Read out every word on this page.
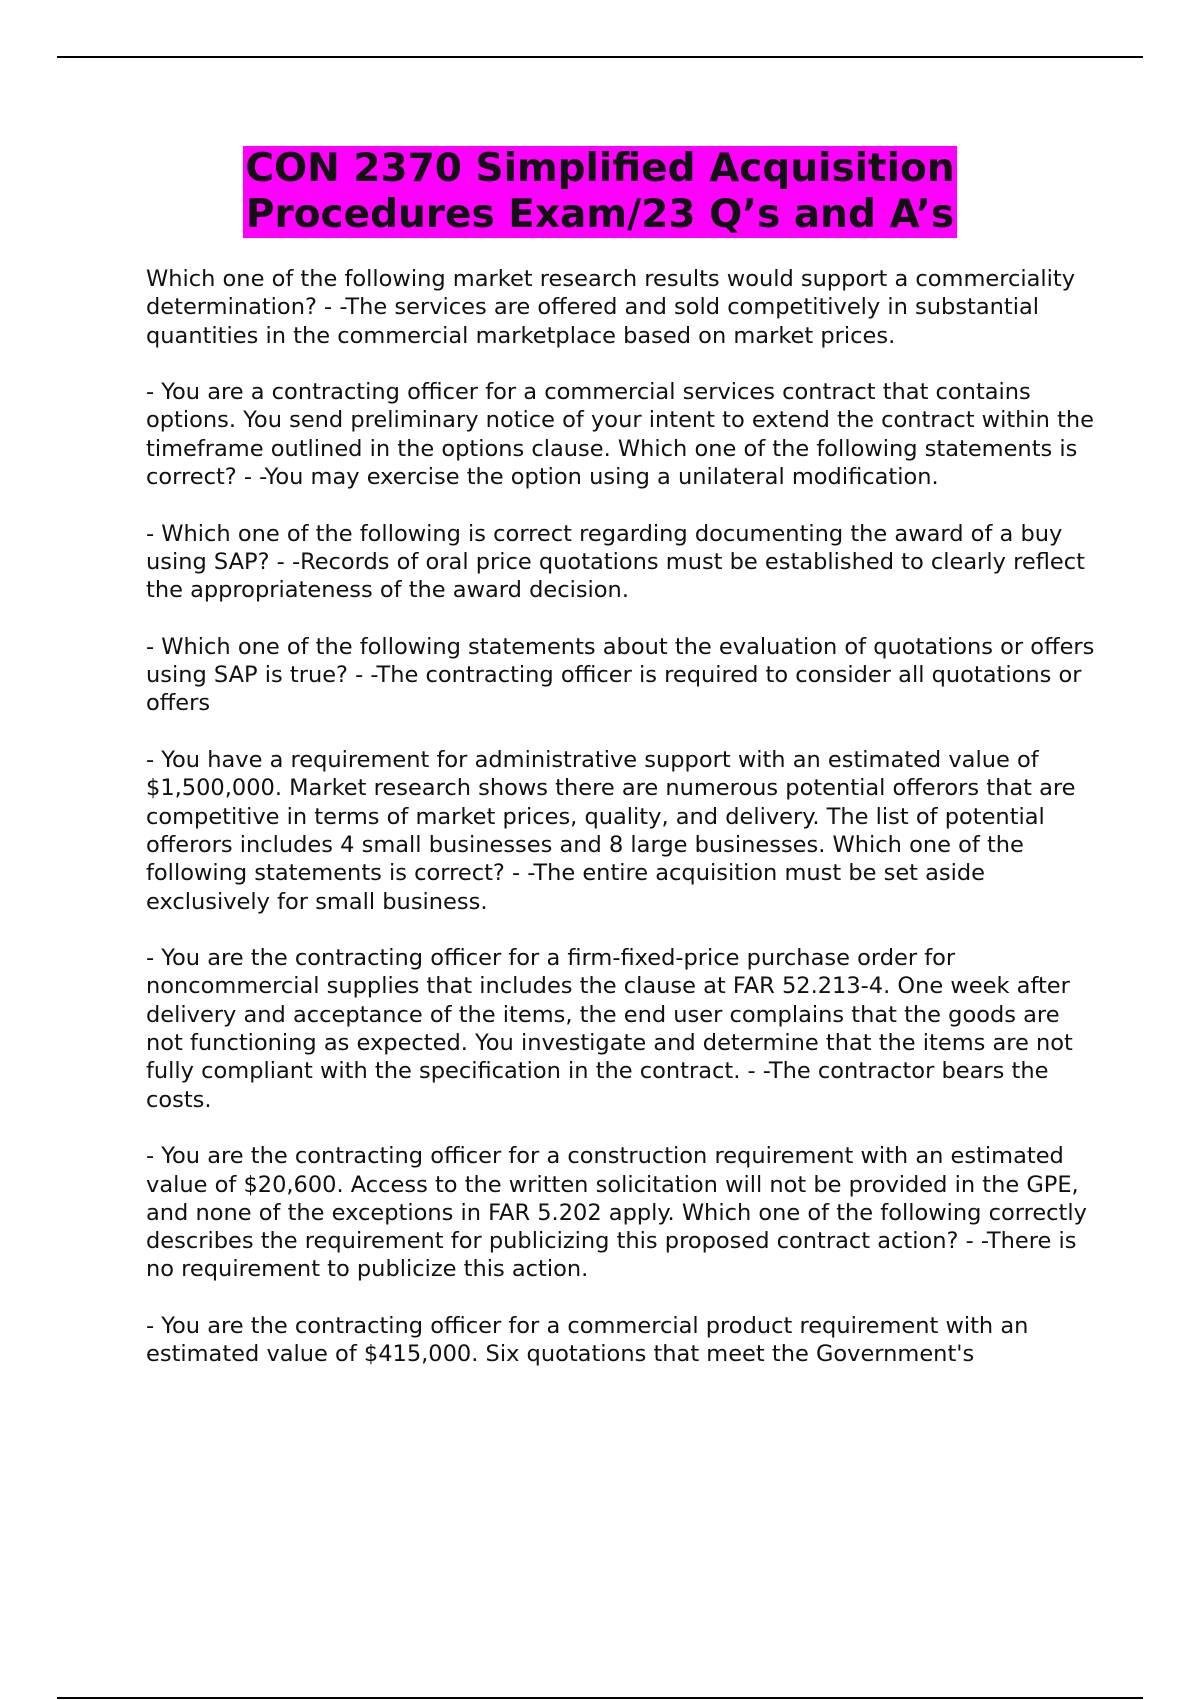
CON 2370 Simplified Acquisition
Procedures Exam/23 Q’s and A’s

Which one of the following market research results would support a commerciality determination? - -The services are offered and sold competitively in substantial quantities in the commercial marketplace based on market prices.

- You are a contracting officer for a commercial services contract that contains options. You send preliminary notice of your intent to extend the contract within the timeframe outlined in the options clause. Which one of the following statements is correct? - -You may exercise the option using a unilateral modification.

- Which one of the following is correct regarding documenting the award of a buy using SAP? - -Records of oral price quotations must be established to clearly reflect the appropriateness of the award decision.

- Which one of the following statements about the evaluation of quotations or offers using SAP is true? - -The contracting officer is required to consider all quotations or offers

- You have a requirement for administrative support with an estimated value of $1,500,000. Market research shows there are numerous potential offerors that are competitive in terms of market prices, quality, and delivery. The list of potential offerors includes 4 small businesses and 8 large businesses. Which one of the following statements is correct? - -The entire acquisition must be set aside exclusively for small business.

- You are the contracting officer for a firm-fixed-price purchase order for noncommercial supplies that includes the clause at FAR 52.213-4. One week after delivery and acceptance of the items, the end user complains that the goods are not functioning as expected. You investigate and determine that the items are not fully compliant with the specification in the contract. - -The contractor bears the costs.

- You are the contracting officer for a construction requirement with an estimated value of $20,600. Access to the written solicitation will not be provided in the GPE, and none of the exceptions in FAR 5.202 apply. Which one of the following correctly describes the requirement for publicizing this proposed contract action? - -There is no requirement to publicize this action.

- You are the contracting officer for a commercial product requirement with an estimated value of $415,000. Six quotations that meet the Government's
